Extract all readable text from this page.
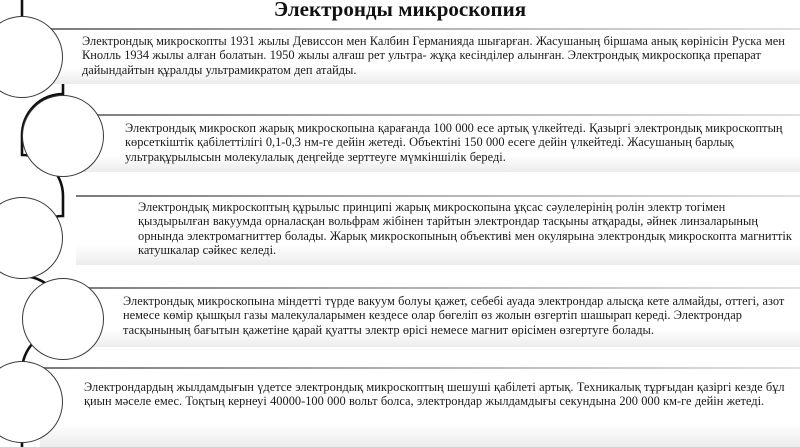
Электронды микроскопия
Электрондық микроскопты 1931 жылы Девиссон мен Калбин Германияда шығарған. Жасушаның біршама анық көрінісін Руска мен Кнолль 1934 жылы алған болатын. 1950 жылы алғаш рет ультра- жұқа кесінділер алынған. Электрондық микроскопқа препарат дайындайтын құралды ультрамикратом деп атайды.
Электрондық микроскоп жарық микроскопына қарағанда 100 000 есе артық үлкейтеді. Қазыргі электрондық микроскоптың көрсеткіштік қабілеттілігі 0,1-0,3 нм-ге дейін жетеді. Объектіні 150 000 есеге дейін үлкейтеді. Жасушаның барлық ультрақұрылысын молекулалық деңгейде зерттеуге мүмкіншілік береді.
Электрондық микроскоптың құрылыс принципі жарық микроскопына ұқсас сәулелерінің ролін электр тогімен қыздырылған вакуумда орналасқан вольфрам жібінен тарйтын электрондар тасқыны атқарады, әйнек линзаларының орнында электромагниттер болады. Жарық микроскопының объективі мен окулярына электрондық микроскопта магниттік катушкалар сәйкес келеді.
Электрондық микроскопына міндетті түрде вакуум болуы қажет, себебі ауада электрондар алысқа кете алмайды, оттегі, азот немесе көмір қышқыл газы малекулаларымен кездесе олар бөгеліп өз жолын өзгертіп шашырап кереді. Электрондар тасқынының бағытын қажетіне қарай қуатты электр өрісі немесе магнит өрісімен өзгертуге болады.
Электрондардың жылдамдығын үдетсе электрондық микроскоптың шешуші қабілеті артық. Техникалық тұрғыдан қазіргі кезде бұл қиын мәселе емес. Тоқтың кернеуі 40000-100 000 вольт болса, электрондар жылдамдығы секундына 200 000 км-ге дейін жетеді.
